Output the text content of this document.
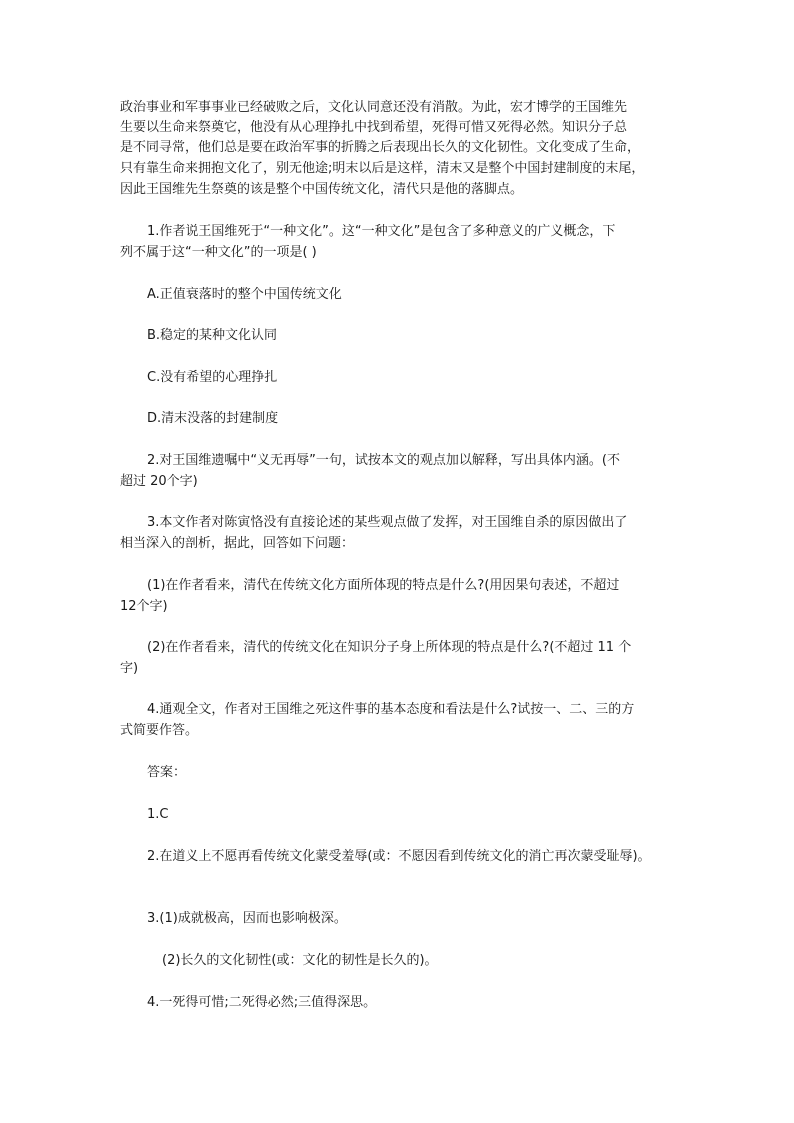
政治事业和军事事业已经破败之后，文化认同意还没有消散。为此，宏才博学的王国维先
生要以生命来祭奠它，他没有从心理挣扎中找到希望，死得可惜又死得必然。知识分子总
是不同寻常，他们总是要在政治军事的折腾之后表现出长久的文化韧性。文化变成了生命，
只有靠生命来拥抱文化了，别无他途;明末以后是这样，清末又是整个中国封建制度的末尾，
因此王国维先生祭奠的该是整个中国传统文化，清代只是他的落脚点。
1.作者说王国维死于“一种文化”。这“一种文化”是包含了多种意义的广义概念，下
列不属于这“一种文化”的一项是( )
A.正值衰落时的整个中国传统文化
B.稳定的某种文化认同
C.没有希望的心理挣扎
D.清末没落的封建制度
2.对王国维遗嘱中“义无再辱”一句，试按本文的观点加以解释，写出具体内涵。(不
超过 20个字)
3.本文作者对陈寅恪没有直接论述的某些观点做了发挥，对王国维自杀的原因做出了
相当深入的剖析，据此，回答如下问题：
(1)在作者看来，清代在传统文化方面所体现的特点是什么?(用因果句表述，不超过
12个字)
(2)在作者看来，清代的传统文化在知识分子身上所体现的特点是什么?(不超过 11 个
字)
4.通观全文，作者对王国维之死这件事的基本态度和看法是什么?试按一、二、三的方
式简要作答。
答案：
1.C
2.在道义上不愿再看传统文化蒙受羞辱(或：不愿因看到传统文化的消亡再次蒙受耻辱)。
3.(1)成就极高，因而也影响极深。
(2)长久的文化韧性(或：文化的韧性是长久的)。
4.一死得可惜;二死得必然;三值得深思。
